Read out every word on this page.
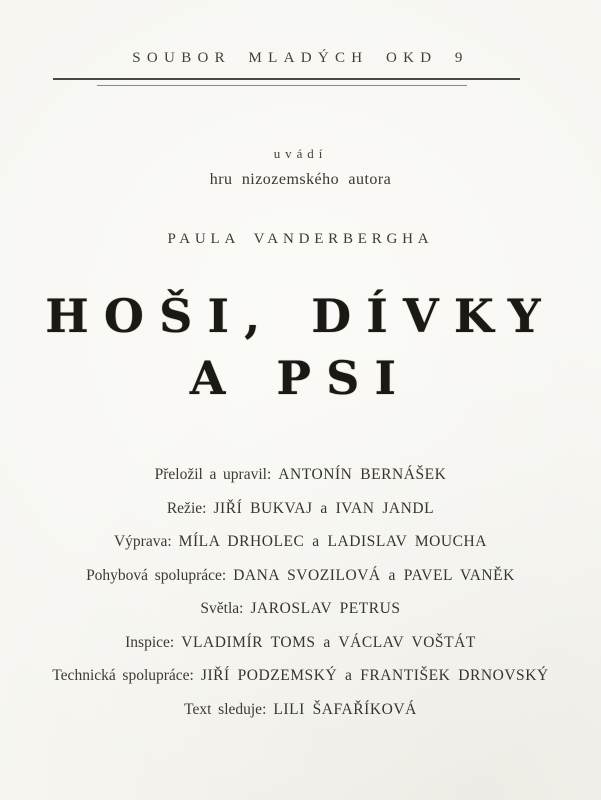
SOUBOR MLADÝCH OKD 9
uvádí
hru nizozemského autora
PAULA VANDERBERGHA
HOŠI, DÍVKY
A PSI
Přeložil a upravil: ANTONÍN BERNÁŠEK
Režie: JIŘÍ BUKVAJ a IVAN JANDL
Výprava: MÍLA DRHOLEC a LADISLAV MOUCHA
Pohybová spolupráce: DANA SVOZILOVÁ a PAVEL VANĚK
Světla: JAROSLAV PETRUS
Inspice: VLADIMÍR TOMS a VÁCLAV VOŠTÁT
Technická spolupráce: JIŘÍ PODZEMSKÝ a FRANTIŠEK DRNOVSKÝ
Text sleduje: LILI ŠAFAŘÍKOVÁ
